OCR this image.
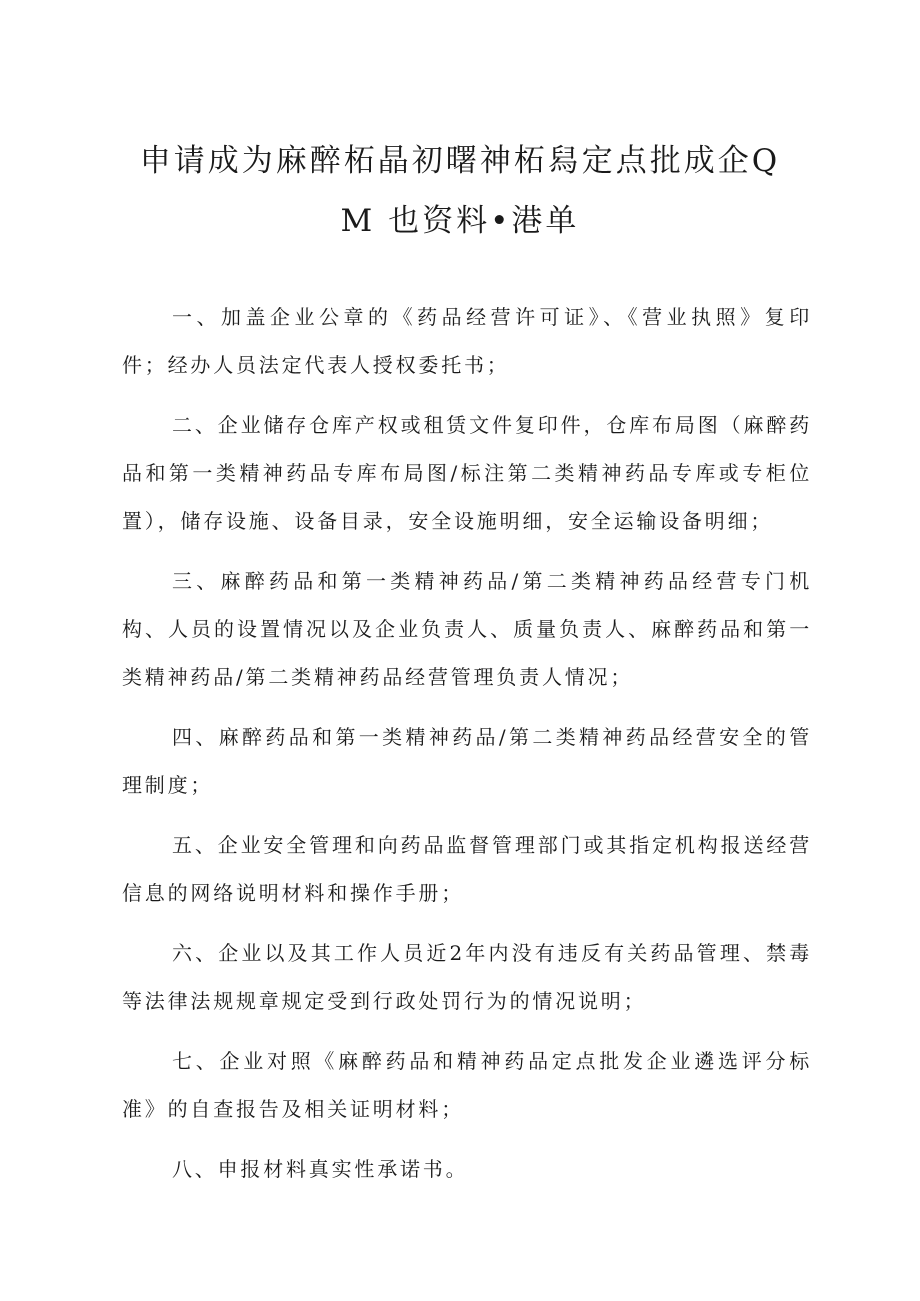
申请成为麻醉柘晶初曙神柘舄定点批成企Q
M 也资料•港单

一、加盖企业公章的《药品经营许可证》、《营业执照》复印件；经办人员法定代表人授权委托书；

二、企业储存仓库产权或租赁文件复印件，仓库布局图（麻醉药品和第一类精神药品专库布局图/标注第二类精神药品专库或专柜位置），储存设施、设备目录，安全设施明细，安全运输设备明细；

三、麻醉药品和第一类精神药品/第二类精神药品经营专门机构、人员的设置情况以及企业负责人、质量负责人、麻醉药品和第一类精神药品/第二类精神药品经营管理负责人情况；

四、麻醉药品和第一类精神药品/第二类精神药品经营安全的管理制度；

五、企业安全管理和向药品监督管理部门或其指定机构报送经营信息的网络说明材料和操作手册；

六、企业以及其工作人员近2年内没有违反有关药品管理、禁毒等法律法规规章规定受到行政处罚行为的情况说明；

七、企业对照《麻醉药品和精神药品定点批发企业遴选评分标准》的自查报告及相关证明材料；

八、申报材料真实性承诺书。
